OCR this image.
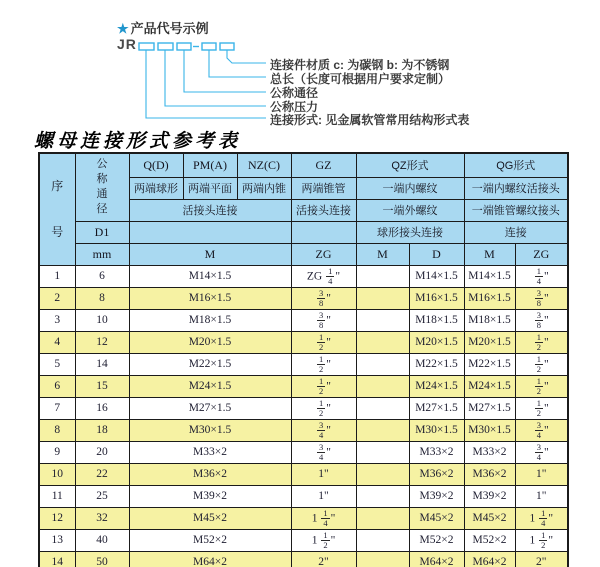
★ 产品代号示例
JR
连接件材质 c: 为碳钢 b: 为不锈钢
总长（长度可根据用户要求定制）
公称通径
公称压力
连接形式: 见金属软管常用结构形式表
螺母连接形式参考表
序号	公称通径	Q(D)	PM(A)	NZ(C)	GZ	QZ形式		QG形式	
		两端球形	两端平面	两端内锥	两端锥管	一端内螺纹		一端内螺纹活接头	
		活接头连接			活接头连接	一端外螺纹		一端锥管螺纹接头	
	D1					球形接头连接		连接	
	mm	M			ZG	M	D	M	ZG
1	6	M14×1.5			ZG $\frac{1}{4}$ "		M14×1.5	M14×1.5	$\frac{1}{4}$ "
2	8	M16×1.5			$\frac{3}{8}$ "		M16×1.5	M16×1.5	$\frac{3}{8}$ "
3	10	M18×1.5			$\frac{3}{8}$ "		M18×1.5	M18×1.5	$\frac{3}{8}$ "
4	12	M20×1.5			$\frac{1}{2}$ "		M20×1.5	M20×1.5	$\frac{1}{2}$ "
5	14	M22×1.5			$\frac{1}{2}$ "		M22×1.5	M22×1.5	$\frac{1}{2}$ "
6	15	M24×1.5			$\frac{1}{2}$ "		M24×1.5	M24×1.5	$\frac{1}{2}$ "
7	16	M27×1.5			$\frac{1}{2}$ "		M27×1.5	M27×1.5	$\frac{1}{2}$ "
8	18	M30×1.5			$\frac{3}{4}$ "		M30×1.5	M30×1.5	$\frac{3}{4}$ "
9	20	M33×2			$\frac{3}{4}$ "		M33×2	M33×2	$\frac{3}{4}$ "
10	22	M36×2			1"		M36×2	M36×2	1"
11	25	M39×2			1"		M39×2	M39×2	1"
12	32	M45×2			$1 \frac{1}{4}$ "		M45×2	M45×2	$1 \frac{1}{4}$ "
13	40	M52×2			$1 \frac{1}{2}$ "		M52×2	M52×2	$1 \frac{1}{2}$ "
14	50	M64×2			2"		M64×2	M64×2	2"
